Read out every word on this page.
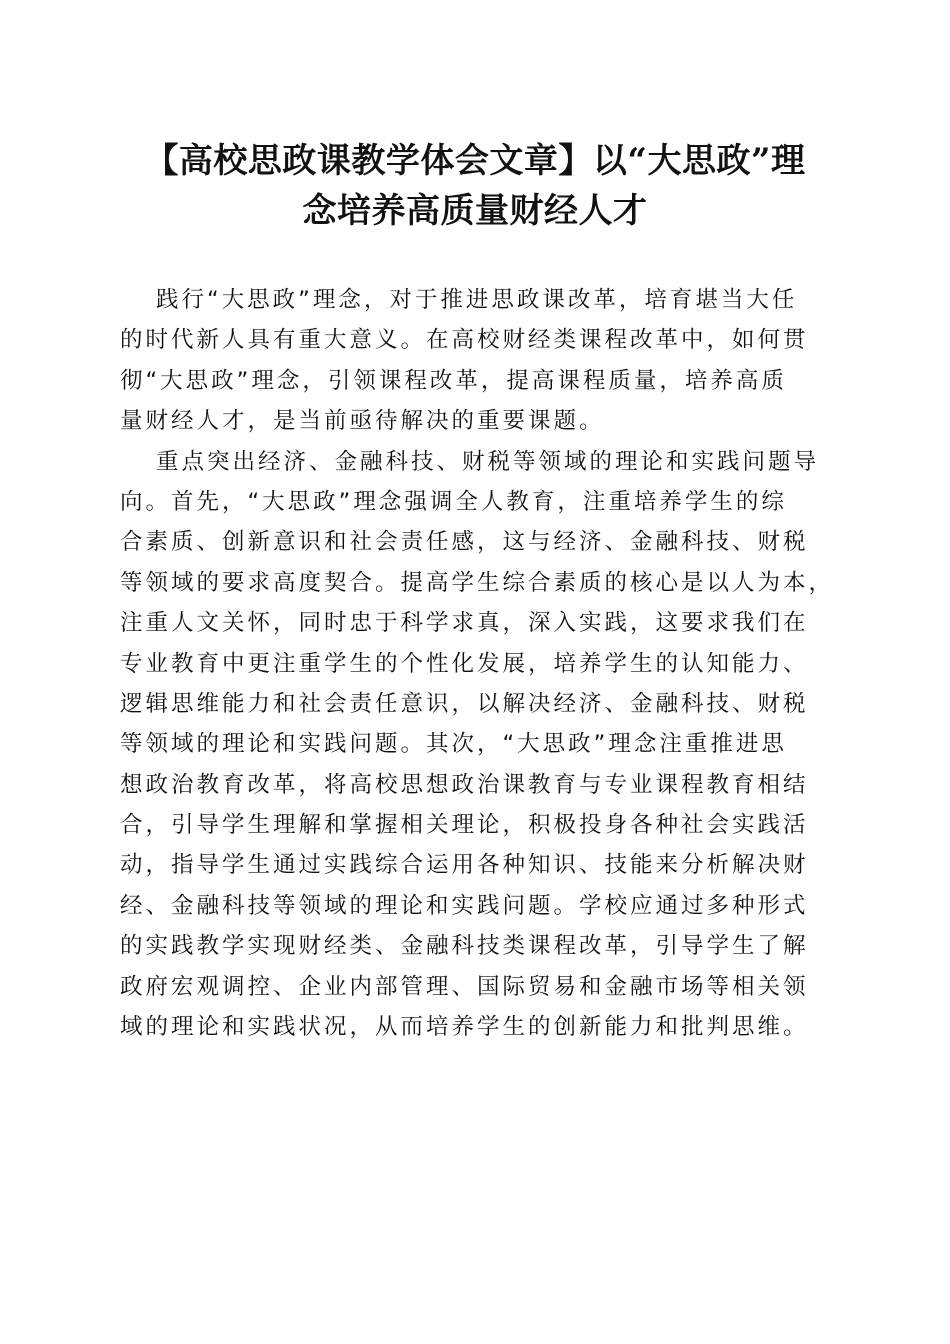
【高校思政课教学体会文章】以“大思政”理
念培养高质量财经人才
践行“大思政”理念，对于推进思政课改革，培育堪当大任
的时代新人具有重大意义。在高校财经类课程改革中，如何贯
彻“大思政”理念，引领课程改革，提高课程质量，培养高质
量财经人才，是当前亟待解决的重要课题。
重点突出经济、金融科技、财税等领域的理论和实践问题导
向。首先，“大思政”理念强调全人教育，注重培养学生的综
合素质、创新意识和社会责任感，这与经济、金融科技、财税
等领域的要求高度契合。提高学生综合素质的核心是以人为本，
注重人文关怀，同时忠于科学求真，深入实践，这要求我们在
专业教育中更注重学生的个性化发展，培养学生的认知能力、
逻辑思维能力和社会责任意识，以解决经济、金融科技、财税
等领域的理论和实践问题。其次，“大思政”理念注重推进思
想政治教育改革，将高校思想政治课教育与专业课程教育相结
合，引导学生理解和掌握相关理论，积极投身各种社会实践活
动，指导学生通过实践综合运用各种知识、技能来分析解决财
经、金融科技等领域的理论和实践问题。学校应通过多种形式
的实践教学实现财经类、金融科技类课程改革，引导学生了解
政府宏观调控、企业内部管理、国际贸易和金融市场等相关领
域的理论和实践状况，从而培养学生的创新能力和批判思维。
